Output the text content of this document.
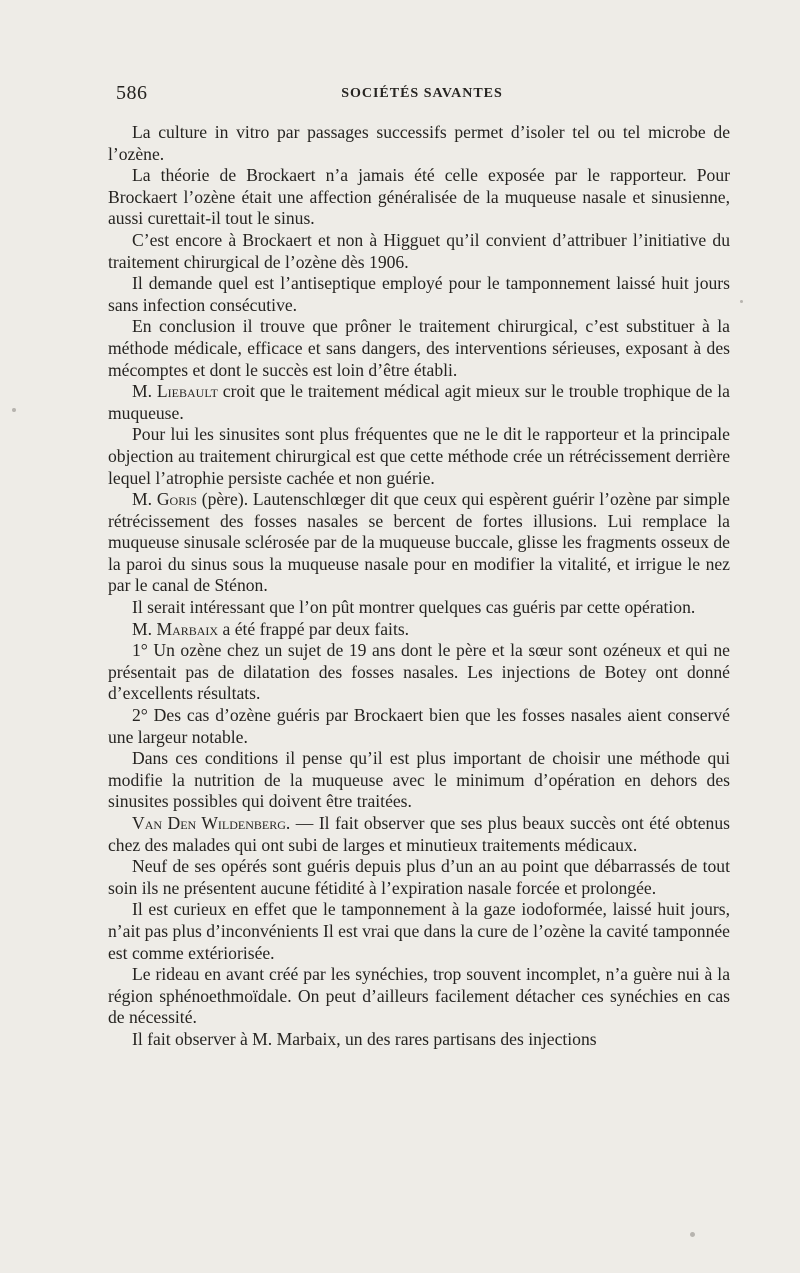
586	SOCIÉTÉS SAVANTES

La culture in vitro par passages successifs permet d’isoler tel ou tel microbe de l’ozène.

La théorie de Brockaert n’a jamais été celle exposée par le rapporteur. Pour Brockaert l’ozène était une affection généralisée de la muqueuse nasale et sinusienne, aussi curettait-il tout le sinus.

C’est encore à Brockaert et non à Higguet qu’il convient d’attribuer l’initiative du traitement chirurgical de l’ozène dès 1906.

Il demande quel est l’antiseptique employé pour le tamponnement laissé huit jours sans infection consécutive.

En conclusion il trouve que prôner le traitement chirurgical, c’est substituer à la méthode médicale, efficace et sans dangers, des interventions sérieuses, exposant à des mécomptes et dont le succès est loin d’être établi.

M. Liebault croit que le traitement médical agit mieux sur le trouble trophique de la muqueuse.

Pour lui les sinusites sont plus fréquentes que ne le dit le rapporteur et la principale objection au traitement chirurgical est que cette méthode crée un rétrécissement derrière lequel l’atrophie persiste cachée et non guérie.

M. Goris (père). Lautenschlœger dit que ceux qui espèrent guérir l’ozène par simple rétrécissement des fosses nasales se bercent de fortes illusions. Lui remplace la muqueuse sinusale sclérosée par de la muqueuse buccale, glisse les fragments osseux de la paroi du sinus sous la muqueuse nasale pour en modifier la vitalité, et irrigue le nez par le canal de Sténon.

Il serait intéressant que l’on pût montrer quelques cas guéris par cette opération.

M. Marbaix a été frappé par deux faits.

1° Un ozène chez un sujet de 19 ans dont le père et la sœur sont ozéneux et qui ne présentait pas de dilatation des fosses nasales. Les injections de Botey ont donné d’excellents résultats.

2° Des cas d’ozène guéris par Brockaert bien que les fosses nasales aient conservé une largeur notable.

Dans ces conditions il pense qu’il est plus important de choisir une méthode qui modifie la nutrition de la muqueuse avec le minimum d’opération en dehors des sinusites possibles qui doivent être traitées.

Van Den Wildenberg. — Il fait observer que ses plus beaux succès ont été obtenus chez des malades qui ont subi de larges et minutieux traitements médicaux.

Neuf de ses opérés sont guéris depuis plus d’un an au point que débarrassés de tout soin ils ne présentent aucune fétidité à l’expiration nasale forcée et prolongée.

Il est curieux en effet que le tamponnement à la gaze iodoformée, laissé huit jours, n’ait pas plus d’inconvénients Il est vrai que dans la cure de l’ozène la cavité tamponnée est comme extériorisée.

Le rideau en avant créé par les synéchies, trop souvent incomplet, n’a guère nui à la région sphénoethmoïdale. On peut d’ailleurs facilement détacher ces synéchies en cas de nécessité.

Il fait observer à M. Marbaix, un des rares partisans des injections
